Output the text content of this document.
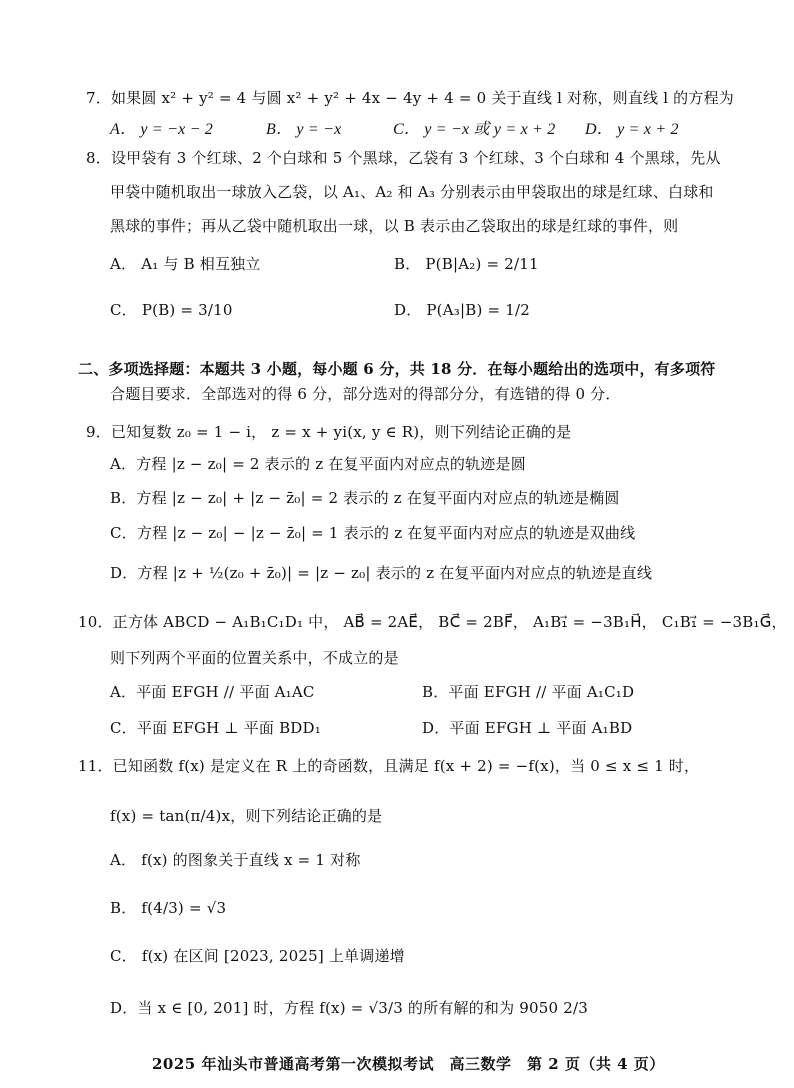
7．如果圆 x² + y² = 4 与圆 x² + y² + 4x − 4y + 4 = 0 关于直线 l 对称，则直线 l 的方程为
A． y = −x − 2	B． y = −x	C． y = −x 或 y = x + 2 D． y = x + 2
8．设甲袋有 3 个红球、2 个白球和 5 个黑球，乙袋有 3 个红球、3 个白球和 4 个黑球，先从
甲袋中随机取出一球放入乙袋，以 A₁、A₂ 和 A₃ 分别表示由甲袋取出的球是红球、白球和
黑球的事件；再从乙袋中随机取出一球，以 B 表示由乙袋取出的球是红球的事件，则
A． A₁ 与 B 相互独立	B． P(B|A₂) = 2/11
C． P(B) = 3/10	D． P(A₃|B) = 1/2
二、多项选择题：本题共 3 小题，每小题 6 分，共 18 分．在每小题给出的选项中，有多项符
合题目要求．全部选对的得 6 分，部分选对的得部分分，有选错的得 0 分．
9．已知复数 z₀ = 1 − i， z = x + yi(x, y ∈ R)，则下列结论正确的是
A．方程 |z − z₀| = 2 表示的 z 在复平面内对应点的轨迹是圆
B．方程 |z − z₀| + |z − z̄₀| = 2 表示的 z 在复平面内对应点的轨迹是椭圆
C．方程 |z − z₀| − |z − z̄₀| = 1 表示的 z 在复平面内对应点的轨迹是双曲线
D．方程 |z + ½(z₀ + z̄₀)| = |z − z₀| 表示的 z 在复平面内对应点的轨迹是直线
10．正方体 ABCD − A₁B₁C₁D₁ 中， AB⃗ = 2AE⃗， BC⃗ = 2BF⃗， A₁B₁⃗ = −3B₁H⃗， C₁B₁⃗ = −3B₁G⃗，
则下列两个平面的位置关系中，不成立的是
A．平面 EFGH // 平面 A₁AC	B．平面 EFGH // 平面 A₁C₁D
C．平面 EFGH ⊥ 平面 BDD₁	D．平面 EFGH ⊥ 平面 A₁BD
11．已知函数 f(x) 是定义在 R 上的奇函数，且满足 f(x + 2) = −f(x)，当 0 ≤ x ≤ 1 时，
f(x) = tan(π/4)x，则下列结论正确的是
A． f(x) 的图象关于直线 x = 1 对称
B． f(4/3) = √3
C． f(x) 在区间 [2023, 2025] 上单调递增
D．当 x ∈ [0, 201] 时，方程 f(x) = √3/3 的所有解的和为 9050 2/3
2025 年汕头市普通高考第一次模拟考试　高三数学　第 2 页（共 4 页）
